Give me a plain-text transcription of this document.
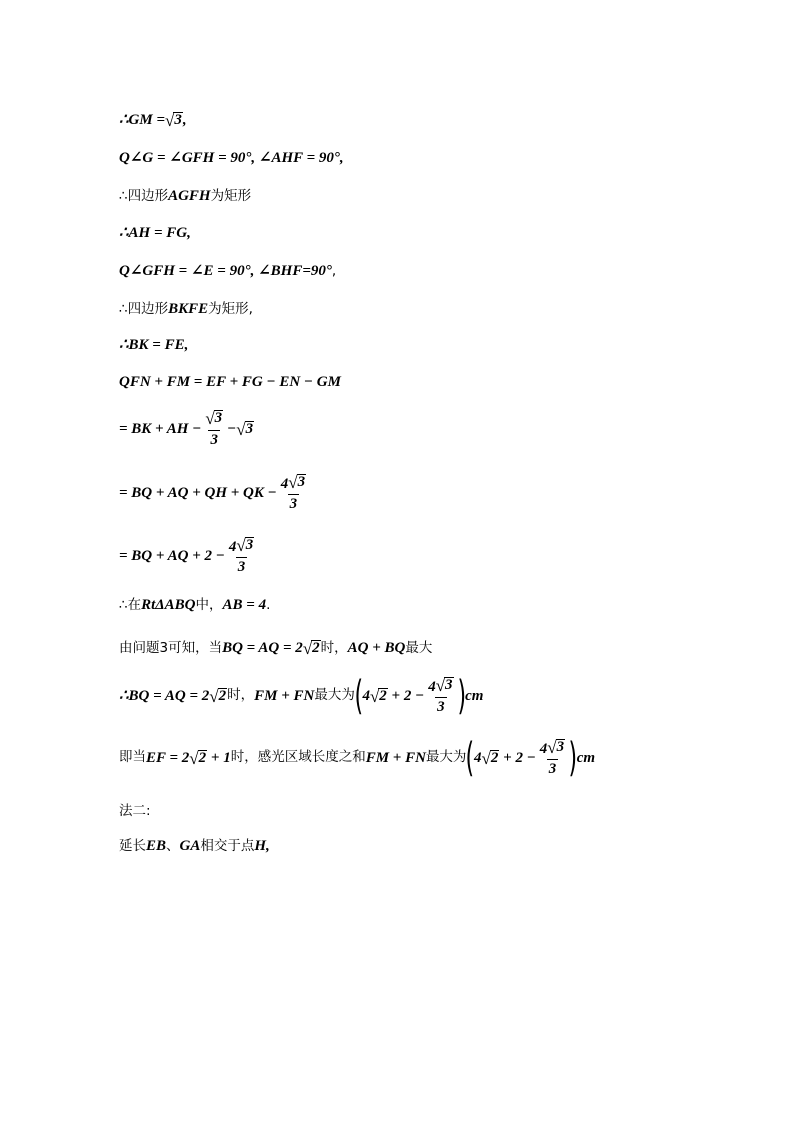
∴GM = √ 3 ,
Q∠G = ∠GFH = 90°, ∠AHF = 90°,
∴ 四边形 AGFH 为矩形
∴AH = FG,
Q∠GFH = ∠E = 90°, ∠BHF=90° ,
∴ 四边形 BKFE 为矩形,
∴BK = FE,
QFN + FM = EF + FG − EN − GM
= BK + AH − $\frac{√ 3}{3}$ − √ 3
= BQ + AQ + QH + QK − $\frac{4 √ 3}{3}$
= BQ + AQ + $2 - \frac{4 √ 3}{3}$
∴在 RtΔABQ 中， AB = 4 .
由问题3可知，当 BQ = AQ = 2 √ 2 时， AQ + BQ 最大
∴BQ = AQ = 2 √ 2 时， FM + FN 最大为 ( 4 √ $2 + 2 - \frac{4 √ 3}{3}$ ) cm
即当 EF = 2 √ 2 + 1 时，感光区域长度之和 FM + FN 最大为 ( 4 √ $2 + 2 - \frac{4 √ 3}{3}$ ) cm
法二:
延长 EB 、 GA 相交于点 H,
